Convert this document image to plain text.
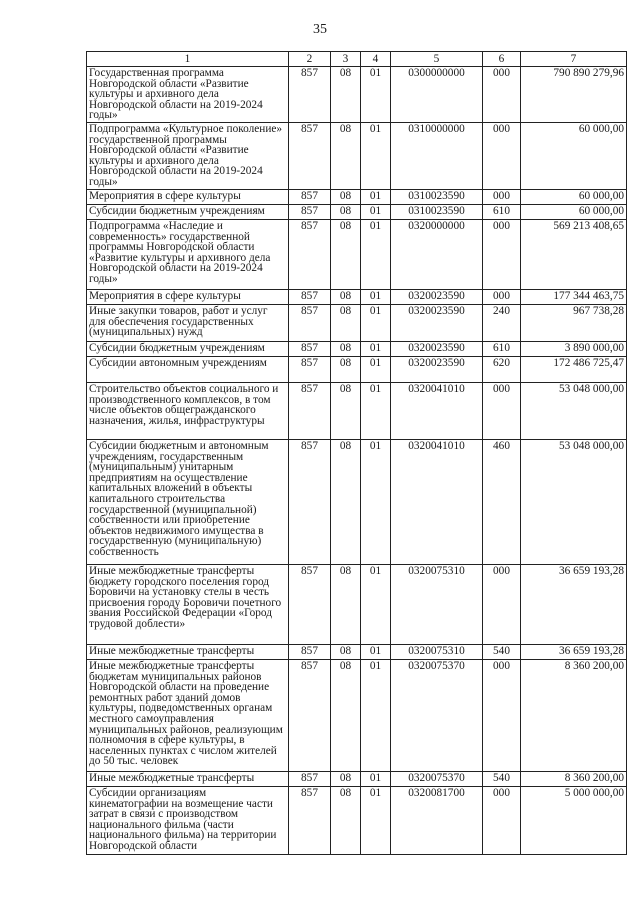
35
1	2	3	4	5	6	7
Государственная программа Новгородской области «Развитие культуры и архивного дела Новгородской области на 2019-2024 годы»	857	08	01	0300000000	000	790 890 279,96
Подпрограмма «Культурное поколение» государственной программы Новгородской области «Развитие культуры и архивного дела Новгородской области на 2019-2024 годы»	857	08	01	0310000000	000	60 000,00
Мероприятия в сфере культуры	857	08	01	0310023590	000	60 000,00
Субсидии бюджетным учреждениям	857	08	01	0310023590	610	60 000,00
Подпрограмма «Наследие и современность» государственной программы Новгородской области «Развитие культуры и архивного дела Новгородской области на 2019-2024 годы»	857	08	01	0320000000	000	569 213 408,65
Мероприятия в сфере культуры	857	08	01	0320023590	000	177 344 463,75
Иные закупки товаров, работ и услуг для обеспечения государственных (муниципальных) нужд	857	08	01	0320023590	240	967 738,28
Субсидии бюджетным учреждениям	857	08	01	0320023590	610	3 890 000,00
Субсидии автономным учреждениям	857	08	01	0320023590	620	172 486 725,47
Строительство объектов социального и производственного комплексов, в том числе объектов общегражданского назначения, жилья, инфраструктуры	857	08	01	0320041010	000	53 048 000,00
Субсидии бюджетным и автономным учреждениям, государственным (муниципальным) унитарным предприятиям на осуществление капитальных вложений в объекты капитального строительства государственной (муниципальной) собственности или приобретение объектов недвижимого имущества в государственную (муниципальную) собственность	857	08	01	0320041010	460	53 048 000,00
Иные межбюджетные трансферты бюджету городского поселения город Боровичи на установку стелы в честь присвоения городу Боровичи почетного звания Российской Федерации «Город трудовой доблести»	857	08	01	0320075310	000	36 659 193,28
Иные межбюджетные трансферты	857	08	01	0320075310	540	36 659 193,28
Иные межбюджетные трансферты бюджетам муниципальных районов Новгородской области на проведение ремонтных работ зданий домов культуры, подведомственных органам местного самоуправления муниципальных районов, реализующим полномочия в сфере культуры, в населенных пунктах с числом жителей до 50 тыс. человек	857	08	01	0320075370	000	8 360 200,00
Иные межбюджетные трансферты	857	08	01	0320075370	540	8 360 200,00
Субсидии организациям кинематографии на возмещение части затрат в связи с производством национального фильма (части национального фильма) на территории Новгородской области	857	08	01	0320081700	000	5 000 000,00
